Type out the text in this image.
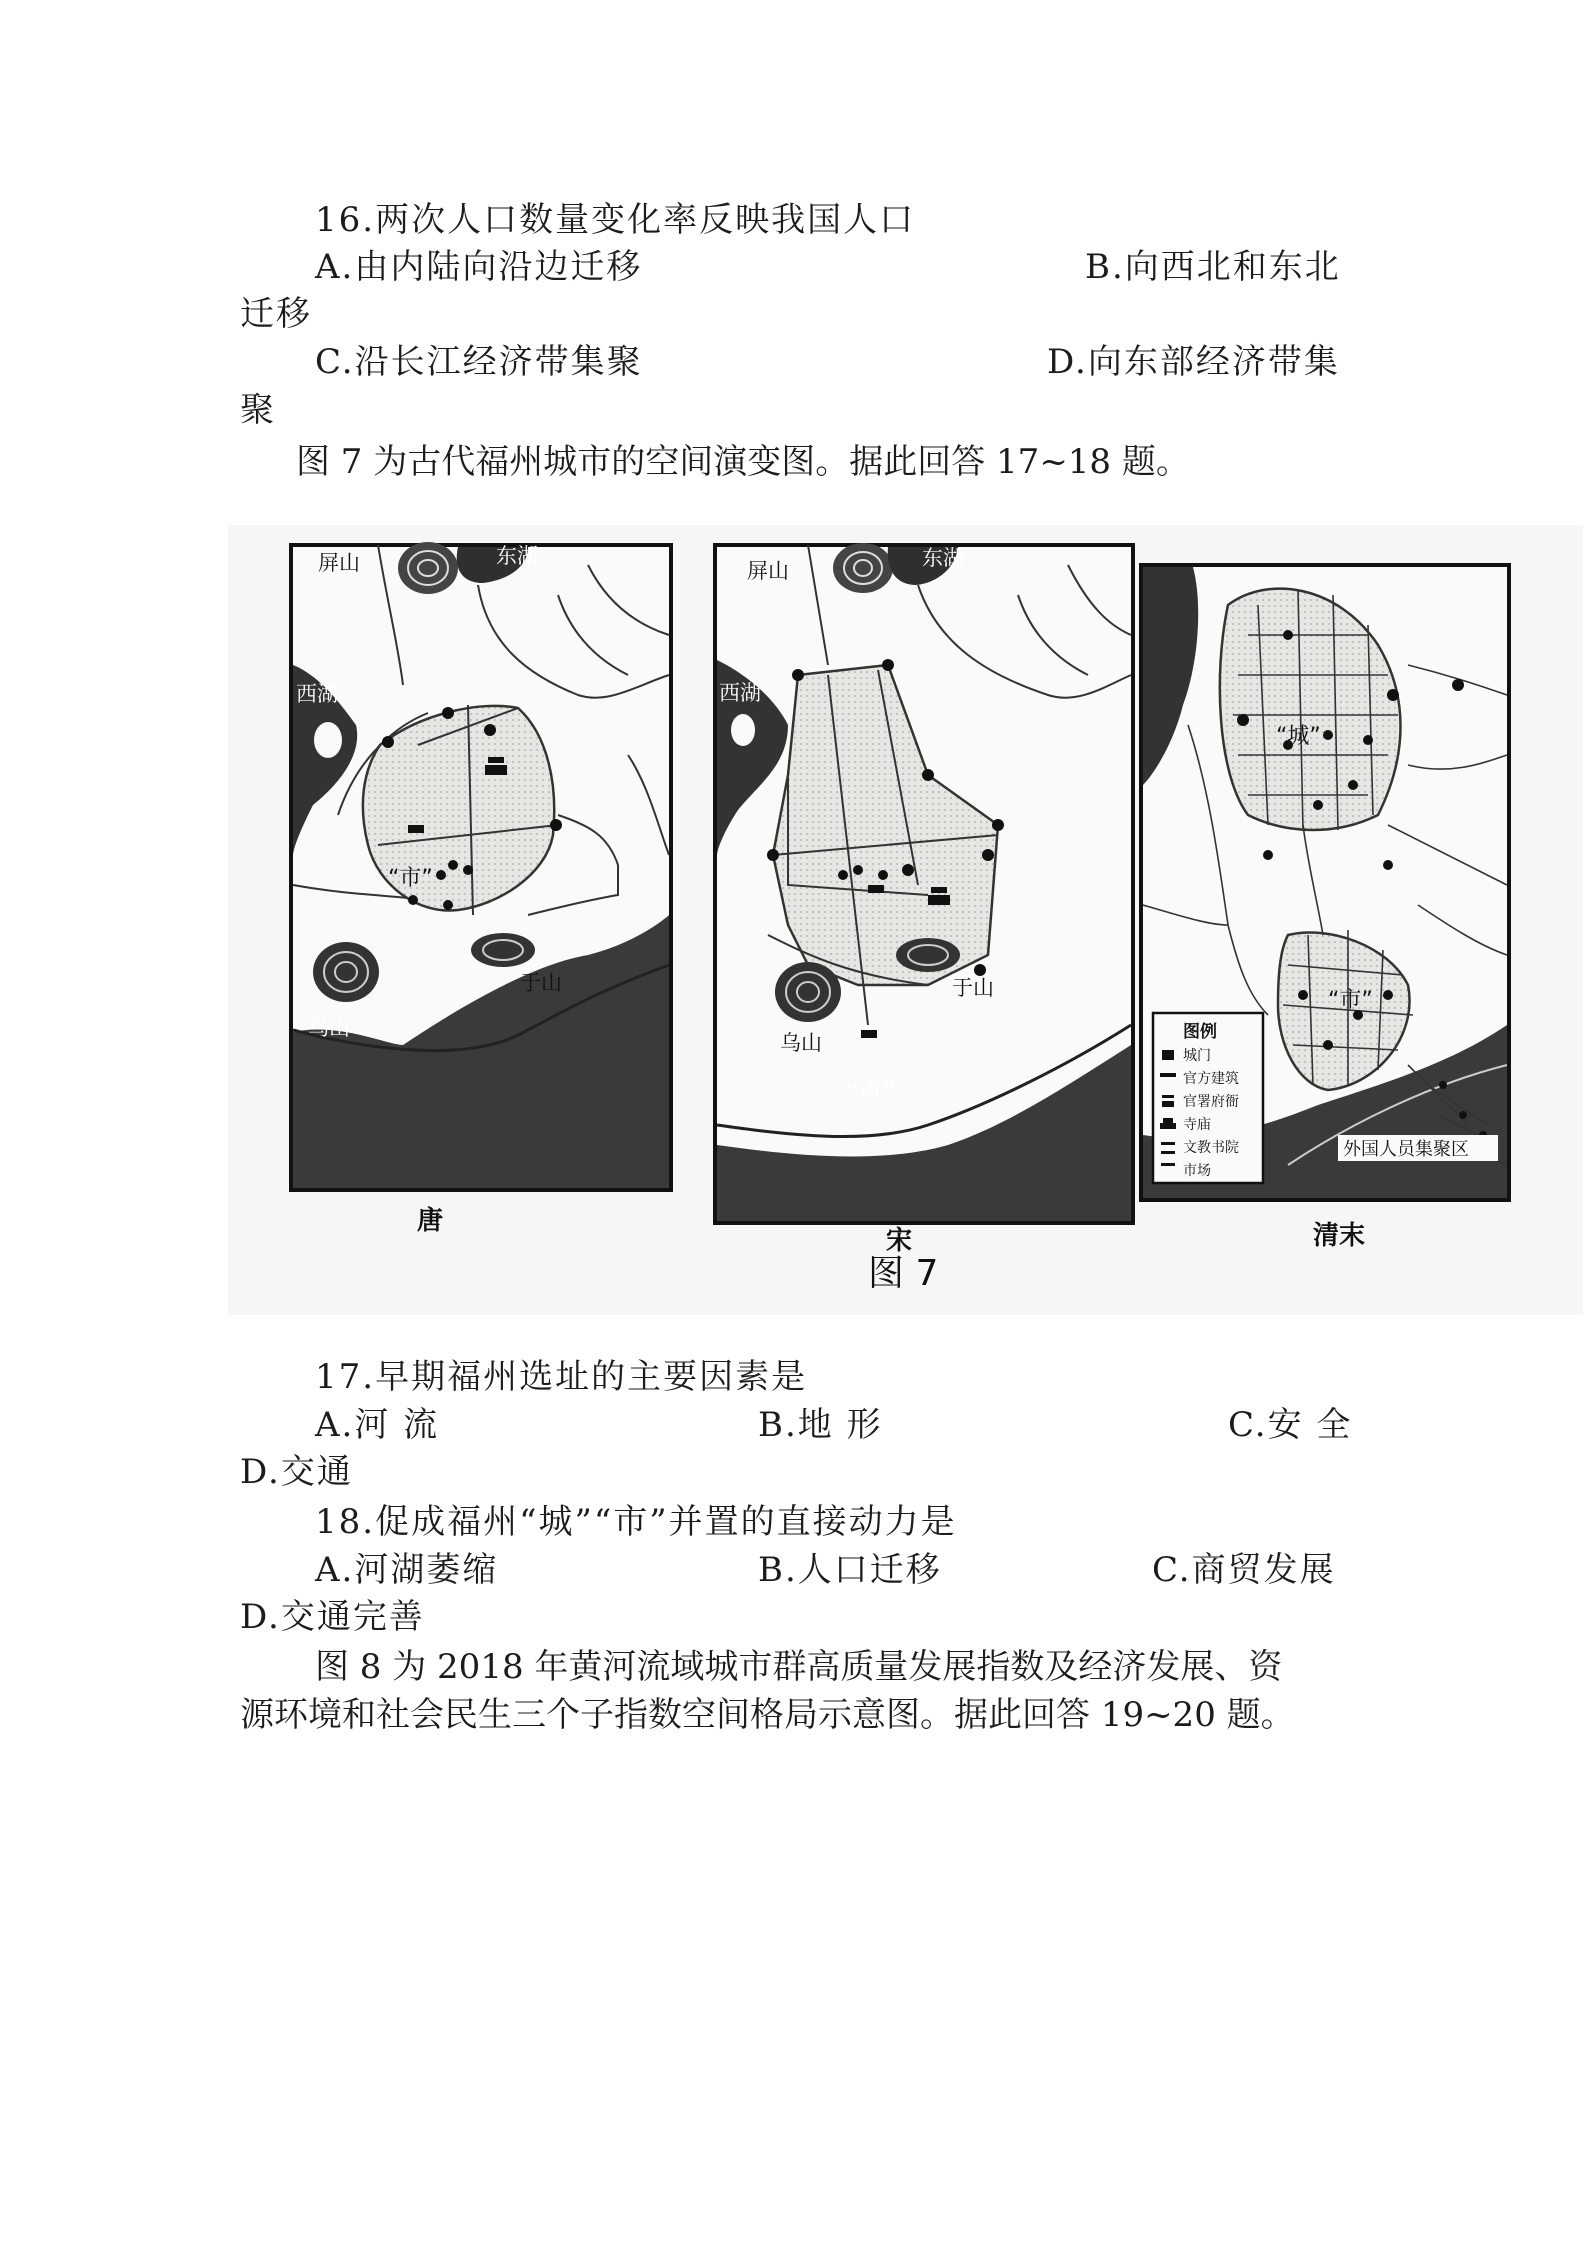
16.两次人口数量变化率反映我国人口
A.由内陆向沿边迁移	B.向西北和东北
迁移
C.沿长江经济带集聚	D.向东部经济带集
聚
图 7 为古代福州城市的空间演变图。据此回答 17~18 题。
屏山	东湖
西湖
“市”
乌山
于山
屏山
东湖
西湖
乌山
于山
“市”
图例
城门
官方建筑
官署府衙
寺庙
文教书院
市场
“城”
“市”
外国人员集聚区
唐
宋	清末
图 7
17.早期福州选址的主要因素是
A.河 流	B.地 形	C.安 全
D.交通
18.促成福州“城”“市”并置的直接动力是
A.河湖萎缩	B.人口迁移	C.商贸发展
D.交通完善
图 8 为 2018 年黄河流域城市群高质量发展指数及经济发展、资
源环境和社会民生三个子指数空间格局示意图。据此回答 19~20 题。
